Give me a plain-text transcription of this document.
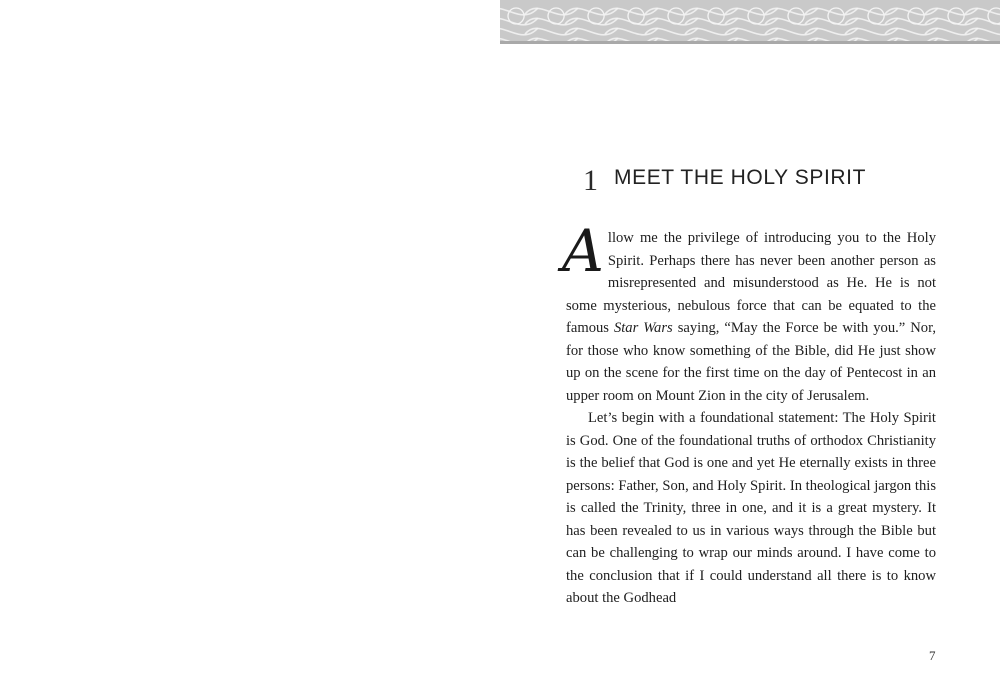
1 MEET THE HOLY SPIRIT

Allow me the privilege of introducing you to the Holy Spirit. Perhaps there has never been another person as misrepresented and misunderstood as He. He is not some mysterious, nebulous force that can be equated to the famous Star Wars saying, “May the Force be with you.” Nor, for those who know something of the Bible, did He just show up on the scene for the first time on the day of Pentecost in an upper room on Mount Zion in the city of Jerusalem.

Let’s begin with a foundational statement: The Holy Spirit is God. One of the foundational truths of orthodox Christianity is the belief that God is one and yet He eternally exists in three persons: Father, Son, and Holy Spirit. In theological jargon this is called the Trinity, three in one, and it is a great mystery. It has been revealed to us in various ways through the Bible but can be challenging to wrap our minds around. I have come to the conclusion that if I could understand all there is to know about the Godhead

7
